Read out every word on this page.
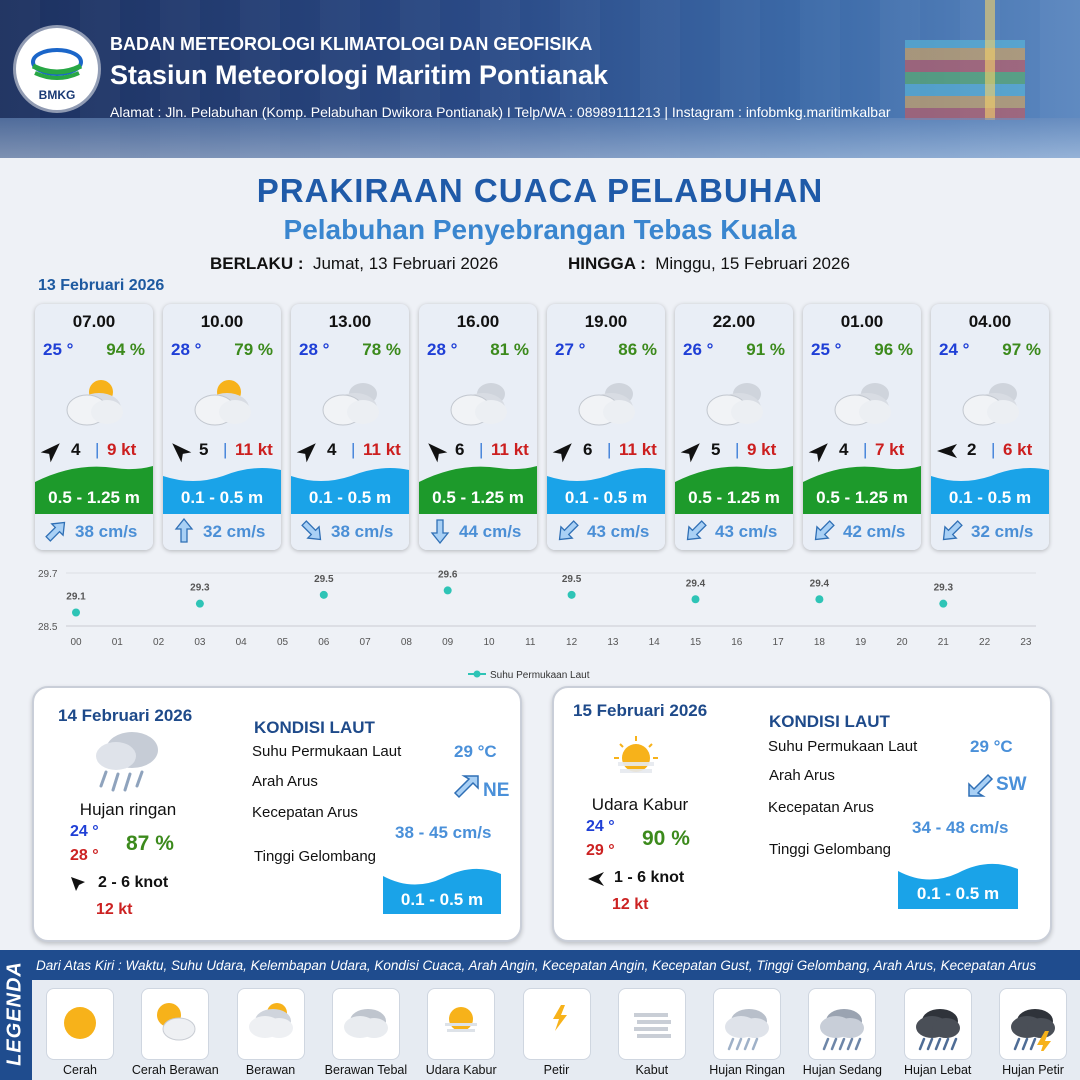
BMKG
BADAN METEOROLOGI KLIMATOLOGI DAN GEOFISIKA
Stasiun Meteorologi Maritim Pontianak
Alamat : Jln. Pelabuhan (Komp. Pelabuhan Dwikora Pontianak) I Telp/WA : 08989111213 | Instagram : infobmkg.maritimkalbar
PRAKIRAAN CUACA PELABUHAN
Pelabuhan Penyebrangan Tebas Kuala
BERLAKU : Jumat, 13 Februari 2026	HINGGA : Minggu, 15 Februari 2026
13 Februari 2026
07.00
25 ° 94 %
4 | 9 kt
0.5 - 1.25 m
38 cm/s
10.00
28 ° 79 %
5 | 11 kt
0.1 - 0.5 m
32 cm/s
13.00
28 ° 78 %
4 | 11 kt
0.1 - 0.5 m
38 cm/s
16.00
28 ° 81 %
6 | 11 kt
0.5 - 1.25 m
44 cm/s
19.00
27 ° 86 %
6 | 11 kt
0.1 - 0.5 m
43 cm/s
22.00
26 ° 91 %
5 | 9 kt
0.5 - 1.25 m
43 cm/s
01.00
25 ° 96 %
4 | 7 kt
0.5 - 1.25 m
42 cm/s
04.00
24 ° 97 %
2 | 6 kt
0.1 - 0.5 m
32 cm/s
29.7
28.5
00	01	02	03	04	05	06	07	08	09	10	11	12	13	14	15	16	17	18	19	20	21	22	23
29.1
29.3
29.5	29.6	29.5	29.4	29.4	29.3
Suhu Permukaan Laut
14 Februari 2026
Hujan ringan
24 °
28 °
87 %
2 - 6 knot
12 kt
KONDISI LAUT
Suhu Permukaan Laut	29 °C
Arah Arus	NE
Kecepatan Arus
38 - 45 cm/s
Tinggi Gelombang
0.1 - 0.5 m
15 Februari 2026
Udara Kabur
24 °
29 °
90 %
1 - 6 knot
12 kt
KONDISI LAUT
Suhu Permukaan Laut	29 °C
Arah Arus	SW
Kecepatan Arus
34 - 48 cm/s
Tinggi Gelombang
0.1 - 0.5 m
LEGENDA Dari Atas Kiri : Waktu, Suhu Udara, Kelembapan Udara, Kondisi Cuaca, Arah Angin, Kecepatan Angin, Kecepatan Gust, Tinggi Gelombang, Arah Arus, Kecepatan Arus
Cerah	Cerah Berawan	Berawan	Berawan Tebal	Udara Kabur	Petir	Kabut	Hujan Ringan	Hujan Sedang	Hujan Lebat	Hujan Petir
